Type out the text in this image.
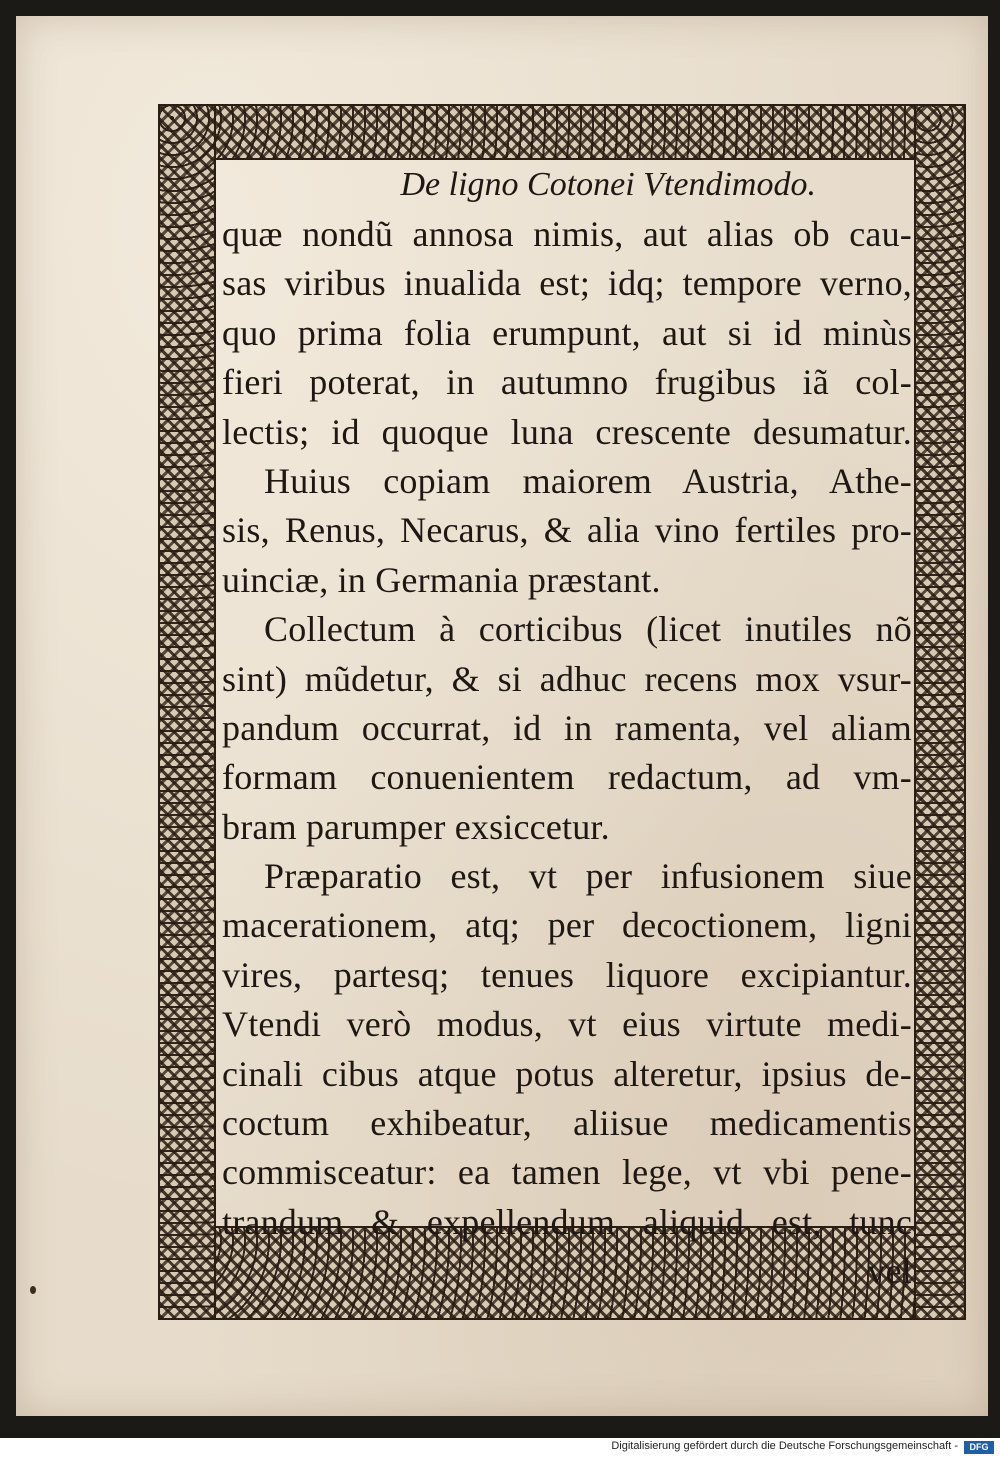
De ligno Cotonei Vtendimodo.
quæ nondũ annosa nimis, aut alias ob cau-
sas viribus inualida est; idq; tempore verno,
quo prima folia erumpunt, aut si id minùs
fieri poterat, in autumno frugibus iã col-
lectis; id quoque luna crescente desumatur.
Huius copiam maiorem Austria, Athe-
sis, Renus, Necarus, & alia vino fertiles pro-
uinciæ, in Germania præstant.
Collectum à corticibus (licet inutiles nõ
sint) mũdetur, & si adhuc recens mox vsur-
pandum occurrat, id in ramenta, vel aliam
formam conuenientem redactum, ad vm-
bram parumper exsiccetur.
Præparatio est, vt per infusionem siue
macerationem, atq; per decoctionem, ligni
vires, partesq; tenues liquore excipiantur.
Vtendi verò modus, vt eius virtute medi-
cinali cibus atque potus alteretur, ipsius de-
coctum exhibeatur, aliisue medicamentis
commisceatur: ea tamen lege, vt vbi pene-
trandum & expellendum aliquid est, tunc
vel
Digitalisierung gefördert durch die Deutsche Forschungsgemeinschaft -	DFG
